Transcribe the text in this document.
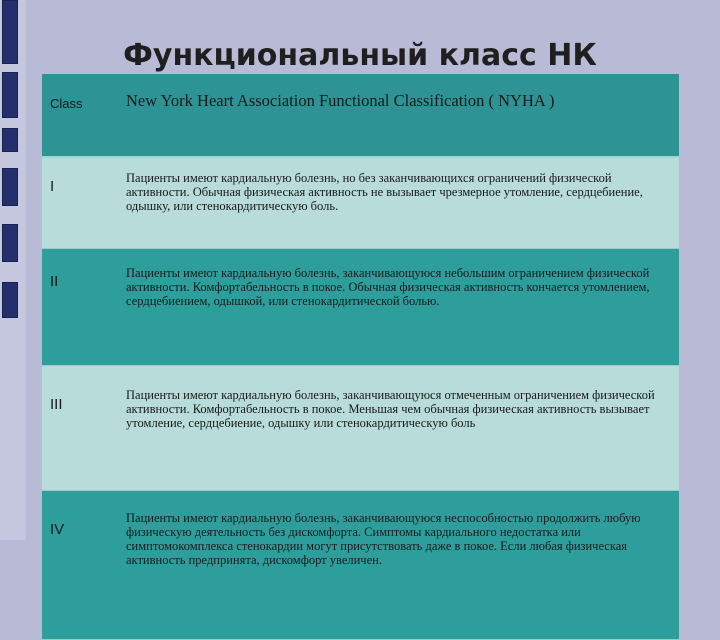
Функциональный класс НК
Class	New York Heart Association Functional Classification ( NYHA )
I	Пациенты имеют кардиальную болезнь, но без заканчивающихся ограничений физической активности. Обычная физическая активность не вызывает чрезмерное утомление, сердцебиение, одышку, или стенокардитическую боль.
II	Пациенты имеют кардиальную болезнь, заканчивающуюся небольшим ограничением физической активности. Комфортабельность в покое. Обычная физическая активность кончается утомлением, сердцебиением, одышкой, или стенокардитической болью.
III	Пациенты имеют кардиальную болезнь, заканчивающуюся отмеченным ограничением физической активности. Комфортабельность в покое. Меньшая чем обычная физическая активность вызывает утомление, сердцебиение, одышку или стенокардитическую боль
IV	Пациенты имеют кардиальную болезнь, заканчивающуюся неспособностью продолжить любую физическую деятельность без дискомфорта. Симптомы кардиального недостатка или симптомокомплекса стенокардии могут присутствовать даже в покое. Если любая физическая активность предпринята, дискомфорт увеличен.
